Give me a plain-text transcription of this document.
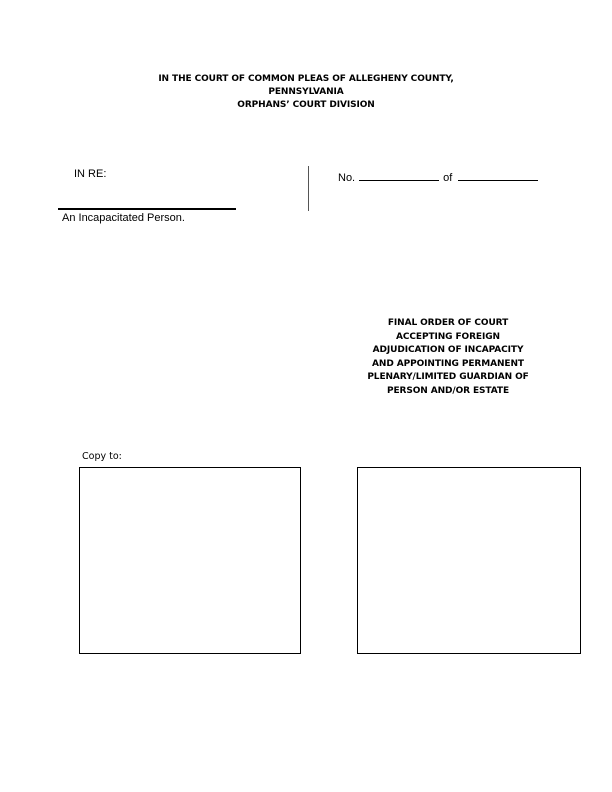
IN THE COURT OF COMMON PLEAS OF ALLEGHENY COUNTY,
PENNSYLVANIA
ORPHANS’ COURT DIVISION
IN RE:	No.	of
An Incapacitated Person.
FINAL ORDER OF COURT
ACCEPTING FOREIGN
ADJUDICATION OF INCAPACITY
AND APPOINTING PERMANENT
PLENARY/LIMITED GUARDIAN OF
PERSON AND/OR ESTATE
Copy to:
